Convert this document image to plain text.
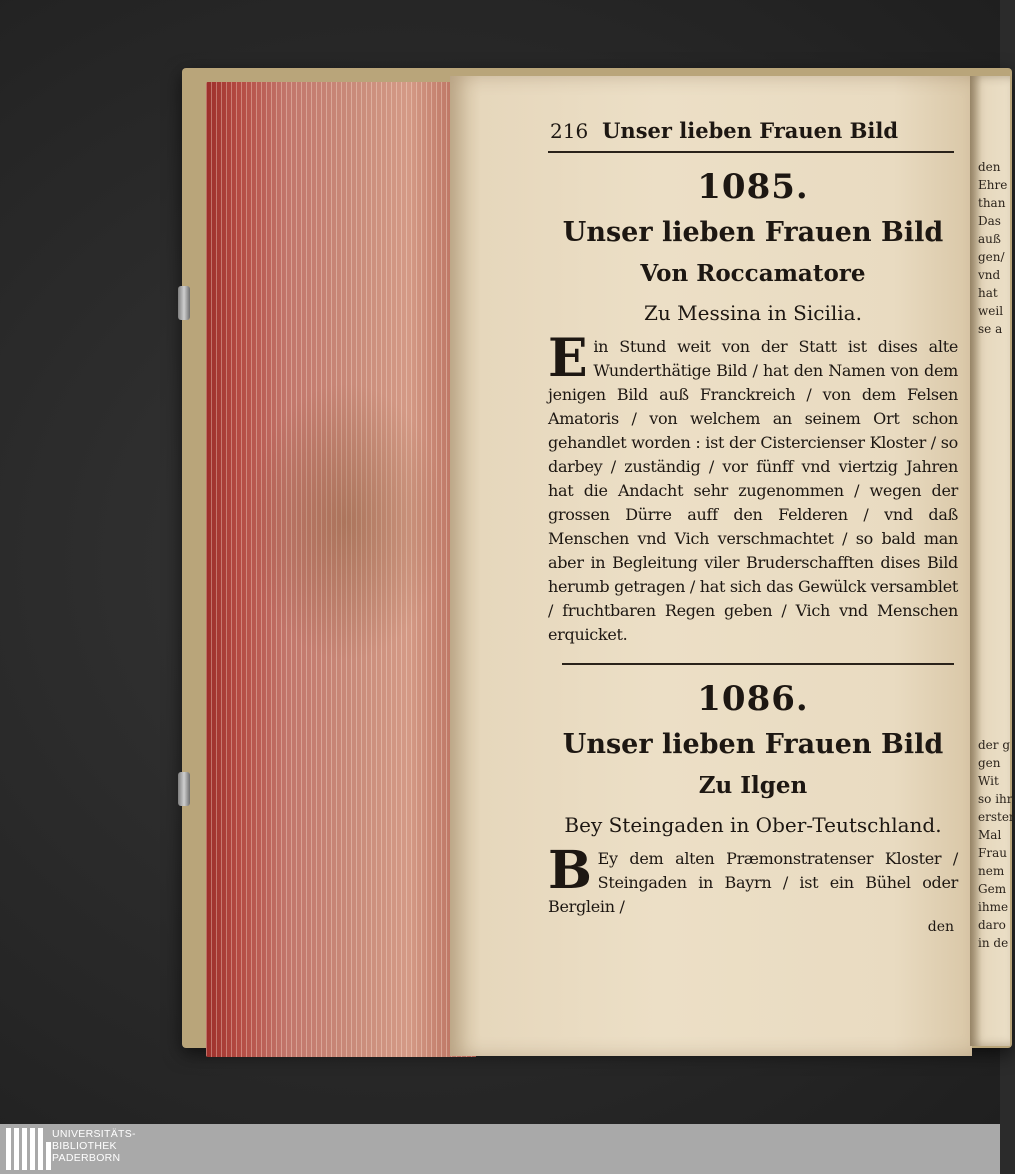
216 Unser lieben Frauen Bild
1085.
Unser lieben Frauen Bild
Von Roccamatore
Zu Messina in Sicilia.
E in Stund weit von der Statt ist dises alte Wunderthätige Bild / hat den Namen von dem jenigen Bild auß Franckreich / von dem Felsen Amatoris / von welchem an seinem Ort schon gehandlet worden : ist der Cistercienser Kloster / so darbey / zuständig / vor fünff vnd viertzig Jahren hat die Andacht sehr zugenommen / wegen der grossen Dürre auff den Felderen / vnd daß Menschen vnd Vich verschmachtet / so bald man aber in Begleitung viler Bruderschafften dises Bild herumb getragen / hat sich das Gewülck versamblet / fruchtbaren Regen geben / Vich vnd Menschen erquicket.
1086.
Unser lieben Frauen Bild
Zu Ilgen
Bey Steingaden in Ober-Teutschland.
B Ey dem alten Præmonstratenser Kloster / Steingaden in Bayrn / ist ein Bühel oder Berglein /
den
den
Ehre
than
Das
auß
gen/
vnd
hat
weil
se a
der g
gen
Wit
so ihr
erster
Mal
Frau
nem
Gem
ihme
daro
in de
UNIVERSITÄTS-
BIBLIOTHEK
PADERBORN
